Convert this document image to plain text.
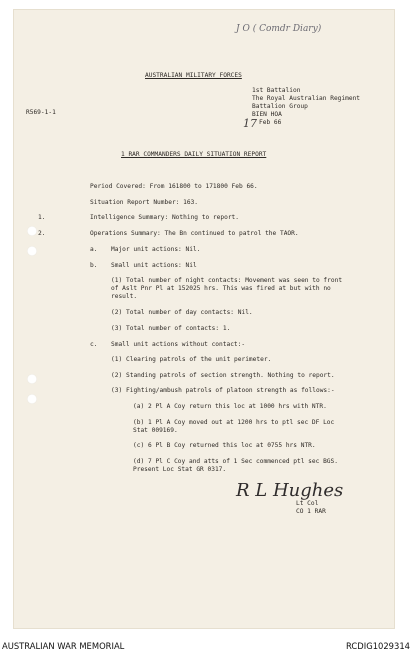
J O ( Comdr Diary)
AUSTRALIAN MILITARY FORCES
1st Battalion
The Royal Australian Regiment
Battalion Group
BIEN HOA
Feb 66
17
R569-1-1
1 RAR COMMANDERS DAILY SITUATION REPORT
Period Covered: From 161800 to 171800 Feb 66.
Situation Report Number: 163.
1.	Intelligence Summary: Nothing to report.
2.	Operations Summary: The Bn continued to patrol the TAOR.
a. Major unit actions: Nil.
b. Small unit actions: Nil
(1) Total number of night contacts: Movement was seen to front
of Aslt Pnr Pl at 152025 hrs. This was fired at but with no
result.
(2) Total number of day contacts: Nil.
(3) Total number of contacts: 1.
c. Small unit actions without contact:-
(1) Clearing patrols of the unit perimeter.
(2) Standing patrols of section strength. Nothing to report.
(3) Fighting/ambush patrols of platoon strength as follows:-
(a) 2 Pl A Coy return this loc at 1000 hrs with NTR.
(b) 1 Pl A Coy moved out at 1200 hrs to ptl sec DF Loc
Stat 009169.
(c) 6 Pl B Coy returned this loc at 0755 hrs NTR.
(d) 7 Pl C Coy and atts of 1 Sec commenced ptl sec BGS.
Present Loc Stat GR 0317.
R L Hughes
Lt Col
CO 1 RAR
AUSTRALIAN WAR MEMORIAL	RCDIG1029314
